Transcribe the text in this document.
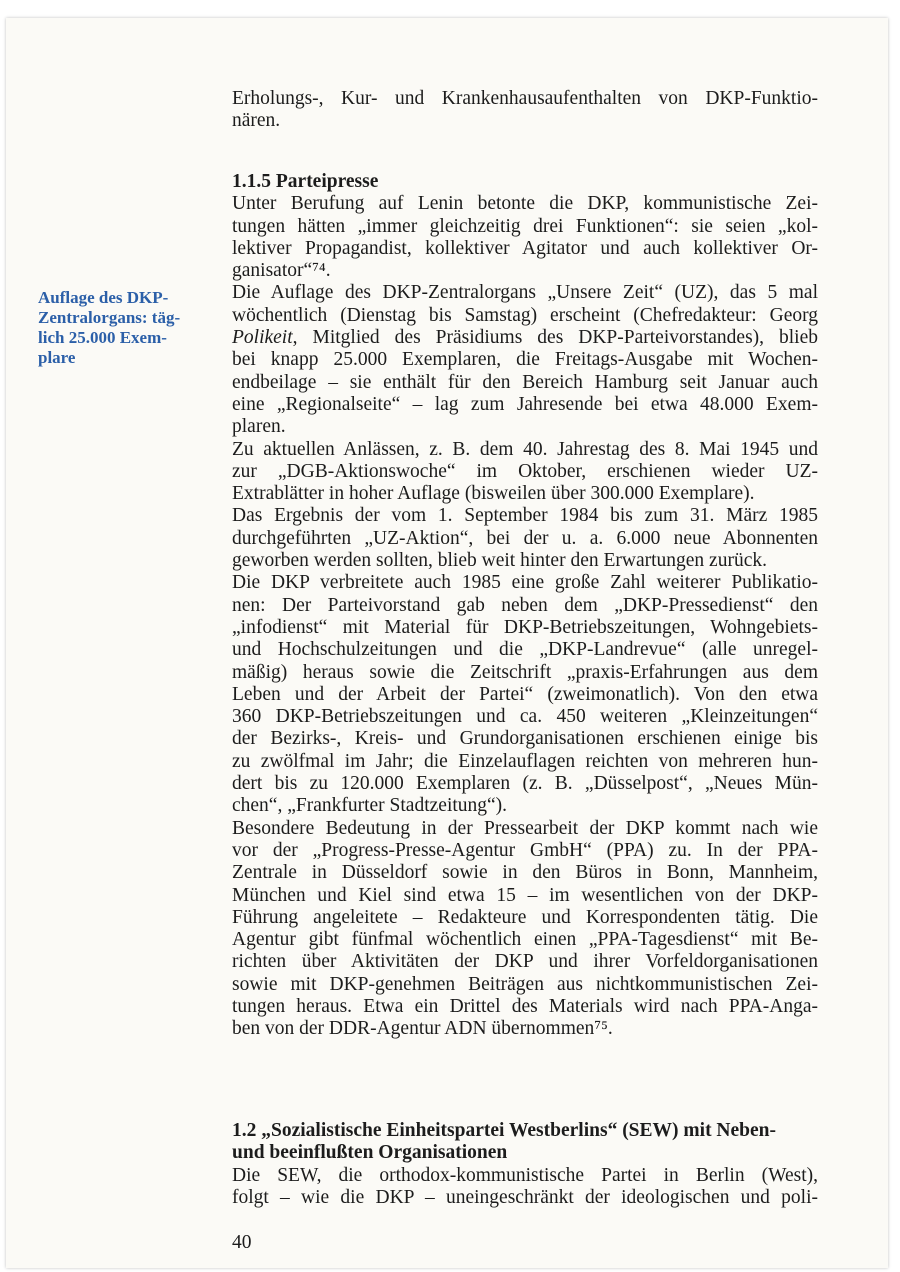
Auflage des DKP-
Zentralorgans: täg-
lich 25.000 Exem-
plare
Erholungs-, Kur- und Krankenhausaufenthalten von DKP-Funktio-
nären.
1.1.5 Parteipresse
Unter Berufung auf Lenin betonte die DKP, kommunistische Zei-
tungen hätten „immer gleichzeitig drei Funktionen“: sie seien „kol-
lektiver Propagandist, kollektiver Agitator und auch kollektiver Or-
ganisator“⁷⁴.
Die Auflage des DKP-Zentralorgans „Unsere Zeit“ (UZ), das 5 mal
wöchentlich (Dienstag bis Samstag) erscheint (Chefredakteur: Georg
Polikeit, Mitglied des Präsidiums des DKP-Parteivorstandes), blieb
bei knapp 25.000 Exemplaren, die Freitags-Ausgabe mit Wochen-
endbeilage – sie enthält für den Bereich Hamburg seit Januar auch
eine „Regionalseite“ – lag zum Jahresende bei etwa 48.000 Exem-
plaren.
Zu aktuellen Anlässen, z. B. dem 40. Jahrestag des 8. Mai 1945 und
zur „DGB-Aktionswoche“ im Oktober, erschienen wieder UZ-
Extrablätter in hoher Auflage (bisweilen über 300.000 Exemplare).
Das Ergebnis der vom 1. September 1984 bis zum 31. März 1985
durchgeführten „UZ-Aktion“, bei der u. a. 6.000 neue Abonnenten
geworben werden sollten, blieb weit hinter den Erwartungen zurück.
Die DKP verbreitete auch 1985 eine große Zahl weiterer Publikatio-
nen: Der Parteivorstand gab neben dem „DKP-Pressedienst“ den
„infodienst“ mit Material für DKP-Betriebszeitungen, Wohngebiets-
und Hochschulzeitungen und die „DKP-Landrevue“ (alle unregel-
mäßig) heraus sowie die Zeitschrift „praxis-Erfahrungen aus dem
Leben und der Arbeit der Partei“ (zweimonatlich). Von den etwa
360 DKP-Betriebszeitungen und ca. 450 weiteren „Kleinzeitungen“
der Bezirks-, Kreis- und Grundorganisationen erschienen einige bis
zu zwölfmal im Jahr; die Einzelauflagen reichten von mehreren hun-
dert bis zu 120.000 Exemplaren (z. B. „Düsselpost“, „Neues Mün-
chen“, „Frankfurter Stadtzeitung“).
Besondere Bedeutung in der Pressearbeit der DKP kommt nach wie
vor der „Progress-Presse-Agentur GmbH“ (PPA) zu. In der PPA-
Zentrale in Düsseldorf sowie in den Büros in Bonn, Mannheim,
München und Kiel sind etwa 15 – im wesentlichen von der DKP-
Führung angeleitete – Redakteure und Korrespondenten tätig. Die
Agentur gibt fünfmal wöchentlich einen „PPA-Tagesdienst“ mit Be-
richten über Aktivitäten der DKP und ihrer Vorfeldorganisationen
sowie mit DKP-genehmen Beiträgen aus nichtkommunistischen Zei-
tungen heraus. Etwa ein Drittel des Materials wird nach PPA-Anga-
ben von der DDR-Agentur ADN übernommen⁷⁵.
1.2 „Sozialistische Einheitspartei Westberlins“ (SEW) mit Neben-
und beeinflußten Organisationen
Die SEW, die orthodox-kommunistische Partei in Berlin (West),
folgt – wie die DKP – uneingeschränkt der ideologischen und poli-
40
